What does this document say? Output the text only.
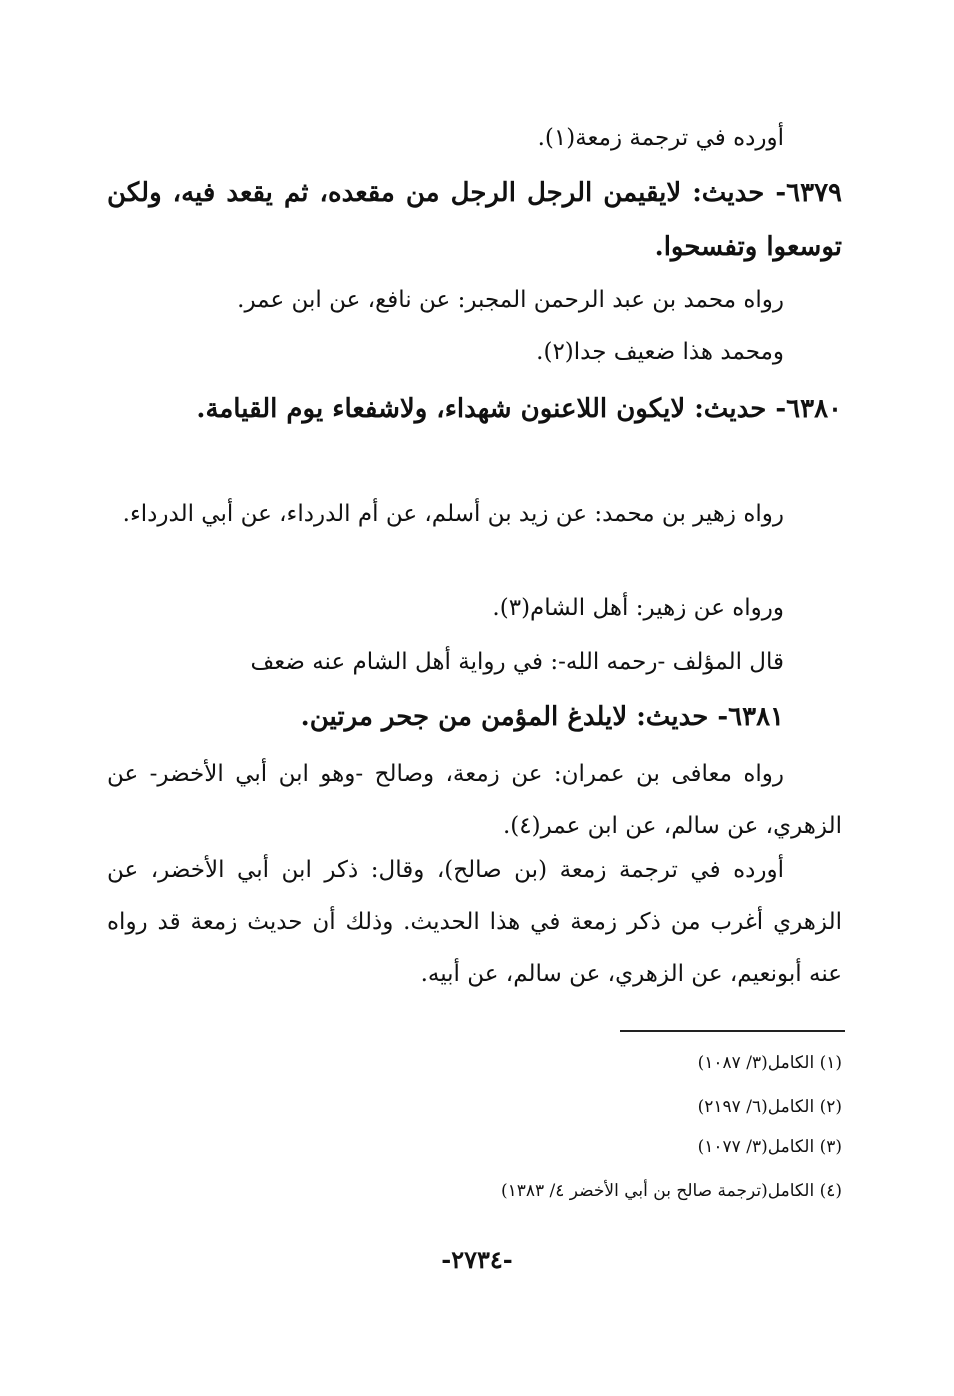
أورده في ترجمة زمعة(١).

٦٣٧٩- حديث: لايقيمن الرجل الرجل من مقعده، ثم يقعد فيه، ولكن توسعوا وتفسحوا.

رواه محمد بن عبد الرحمن المجبر: عن نافع، عن ابن عمر.

ومحمد هذا ضعيف جدا(٢).

٦٣٨٠- حديث: لايكون اللاعنون شهداء، ولاشفعاء يوم القيامة.

رواه زهير بن محمد: عن زيد بن أسلم، عن أم الدرداء، عن أبي الدرداء.

ورواه عن زهير: أهل الشام(٣).

قال المؤلف -رحمه الله-: في رواية أهل الشام عنه ضعف

٦٣٨١- حديث: لايلدغ المؤمن من جحر مرتين.

رواه معافى بن عمران: عن زمعة، وصالح -وهو ابن أبي الأخضر- عن الزهري، عن سالم، عن ابن عمر(٤).

أورده في ترجمة زمعة (بن صالح)، وقال: ذكر ابن أبي الأخضر، عن الزهري أغرب من ذكر زمعة في هذا الحديث. وذلك أن حديث زمعة قد رواه عنه أبونعيم، عن الزهري، عن سالم، عن أبيه.

(١) الكامل(٣/ ١٠٨٧)
(٢) الكامل(٦/ ٢١٩٧)
(٣) الكامل(٣/ ١٠٧٧)
(٤) الكامل(ترجمة صالح بن أبي الأخضر ٤/ ١٣٨٣)
-٢٧٣٤-
